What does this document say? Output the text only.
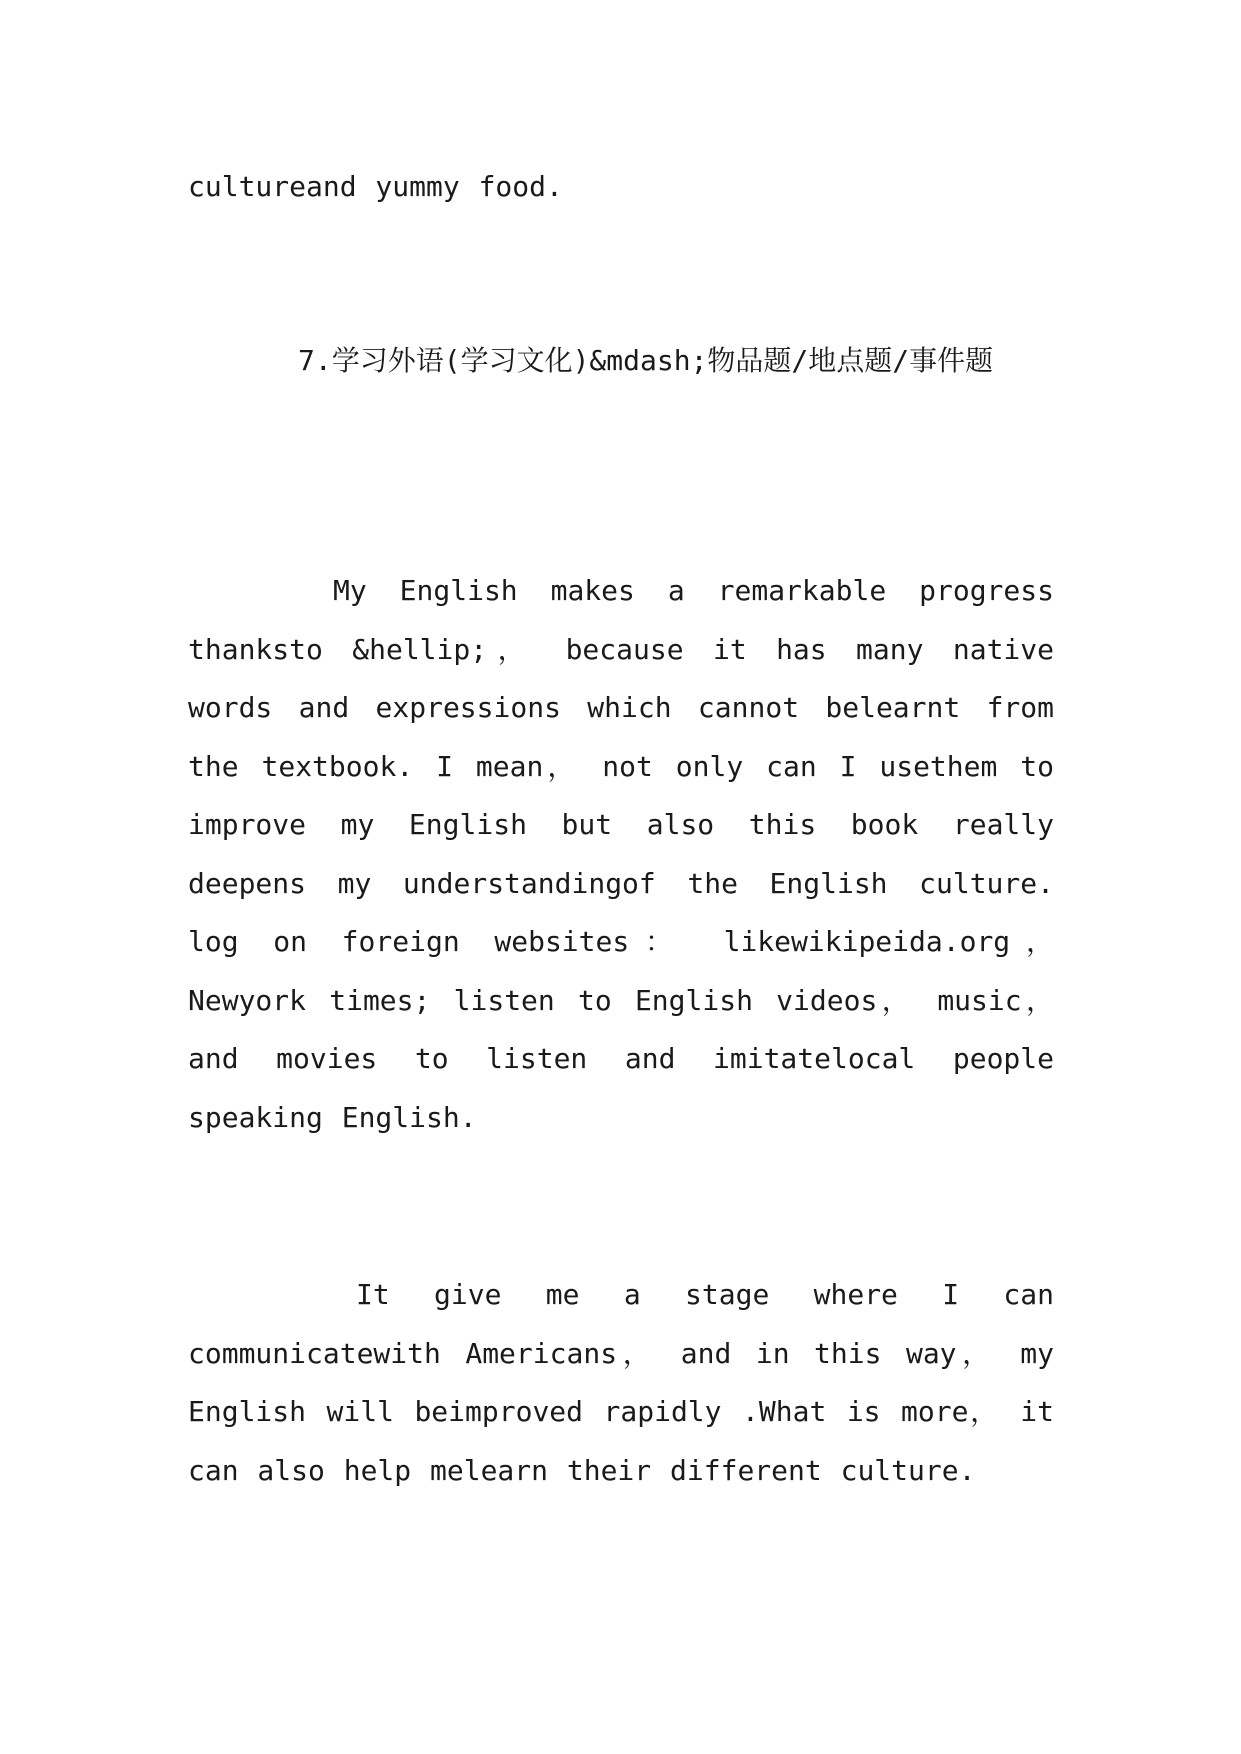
cultureand yummy food.

7.学习外语(学习文化)&mdash;物品题/地点题/事件题

My English makes a remarkable progress thanksto &hellip;， because it has many native words and expressions which cannot belearnt from the textbook. I mean， not only can I usethem to improve my English but also this book really deepens my understandingof the English culture. log on foreign websites： likewikipeida.org， Newyork times; listen to English videos， music， and movies to listen and imitatelocal people speaking English.

It give me a stage where I can communicatewith Americans， and in this way， my English will beimproved rapidly .What is more， it can also help melearn their different culture.
